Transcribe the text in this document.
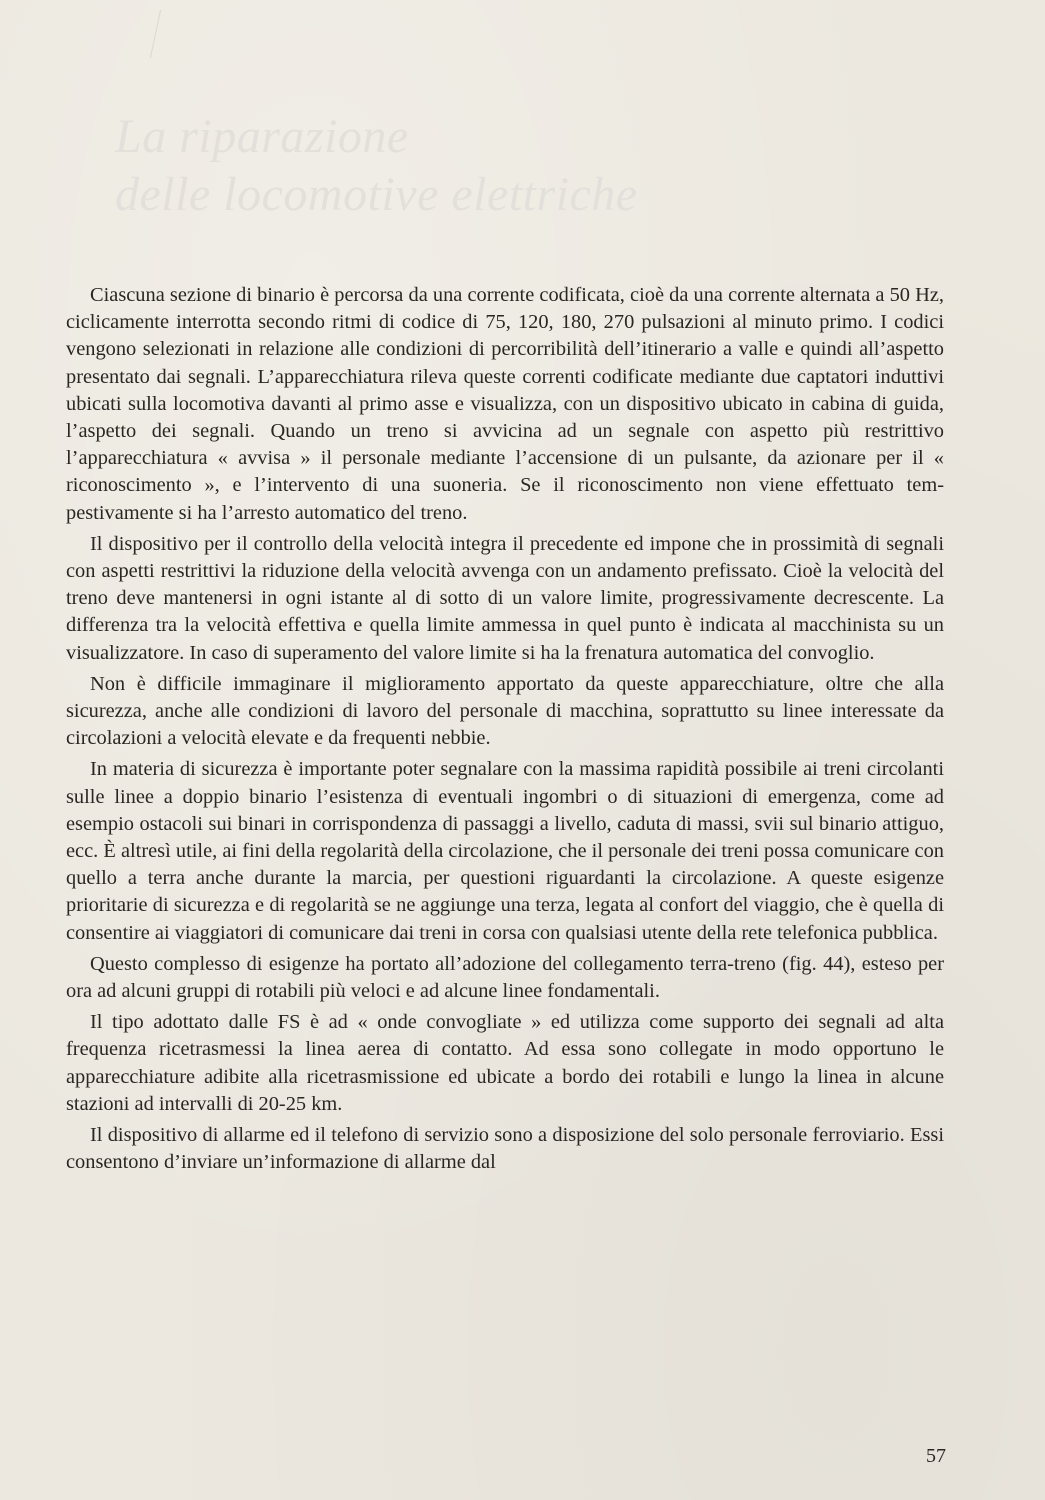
La riparazione
delle locomotive elettriche

Ciascuna sezione di binario è percorsa da una corrente codificata, cioè da una corrente alternata a 50 Hz, ciclicamente interrotta secondo ritmi di codice di 75, 120, 180, 270 pulsazioni al minuto primo. I codici vengono selezionati in relazione alle condizioni di percorribilità dell’itinerario a valle e quindi all’aspetto presentato dai segnali. L’apparecchiatura rileva queste correnti codificate mediante due captatori induttivi ubicati sulla locomotiva davanti al primo asse e visualizza, con un dispositivo ubicato in cabina di guida, l’aspetto dei segnali. Quando un treno si avvicina ad un segnale con aspetto più restrittivo l’apparecchiatura « avvisa » il personale mediante l’accensione di un pulsante, da azionare per il « riconoscimento », e l’intervento di una suoneria. Se il riconoscimento non viene effettuato tempestivamente si ha l’arresto automatico del treno.

Il dispositivo per il controllo della velocità integra il precedente ed impone che in prossimità di segnali con aspetti restrittivi la riduzione della velocità avvenga con un andamento prefissato. Cioè la velocità del treno deve mantenersi in ogni istante al di sotto di un valore limite, progressivamente decrescente. La differenza tra la velocità effettiva e quella limite ammessa in quel punto è indicata al macchinista su un visualizzatore. In caso di superamento del valore limite si ha la frenatura automatica del convoglio.

Non è difficile immaginare il miglioramento apportato da queste apparecchiature, oltre che alla sicurezza, anche alle condizioni di lavoro del personale di macchina, soprattutto su linee interessate da circolazioni a velocità elevate e da frequenti nebbie.

In materia di sicurezza è importante poter segnalare con la massima rapidità possibile ai treni circolanti sulle linee a doppio binario l’esistenza di eventuali ingombri o di situazioni di emergenza, come ad esempio ostacoli sui binari in corrispondenza di passaggi a livello, caduta di massi, svii sul binario attiguo, ecc. È altresì utile, ai fini della regolarità della circolazione, che il personale dei treni possa comunicare con quello a terra anche durante la marcia, per questioni riguardanti la circolazione. A queste esigenze prioritarie di sicurezza e di regolarità se ne aggiunge una terza, legata al confort del viaggio, che è quella di consentire ai viaggiatori di comunicare dai treni in corsa con qualsiasi utente della rete telefonica pubblica.

Questo complesso di esigenze ha portato all’adozione del collegamento terra-treno (fig. 44), esteso per ora ad alcuni gruppi di rotabili più veloci e ad alcune linee fondamentali.

Il tipo adottato dalle FS è ad « onde convogliate » ed utilizza come supporto dei segnali ad alta frequenza ricetrasmessi la linea aerea di contatto. Ad essa sono collegate in modo opportuno le apparecchiature adibite alla ricetrasmissione ed ubicate a bordo dei rotabili e lungo la linea in alcune stazioni ad intervalli di 20-25 km.

Il dispositivo di allarme ed il telefono di servizio sono a disposizione del solo personale ferroviario. Essi consentono d’inviare un’informazione di allarme dal

57
